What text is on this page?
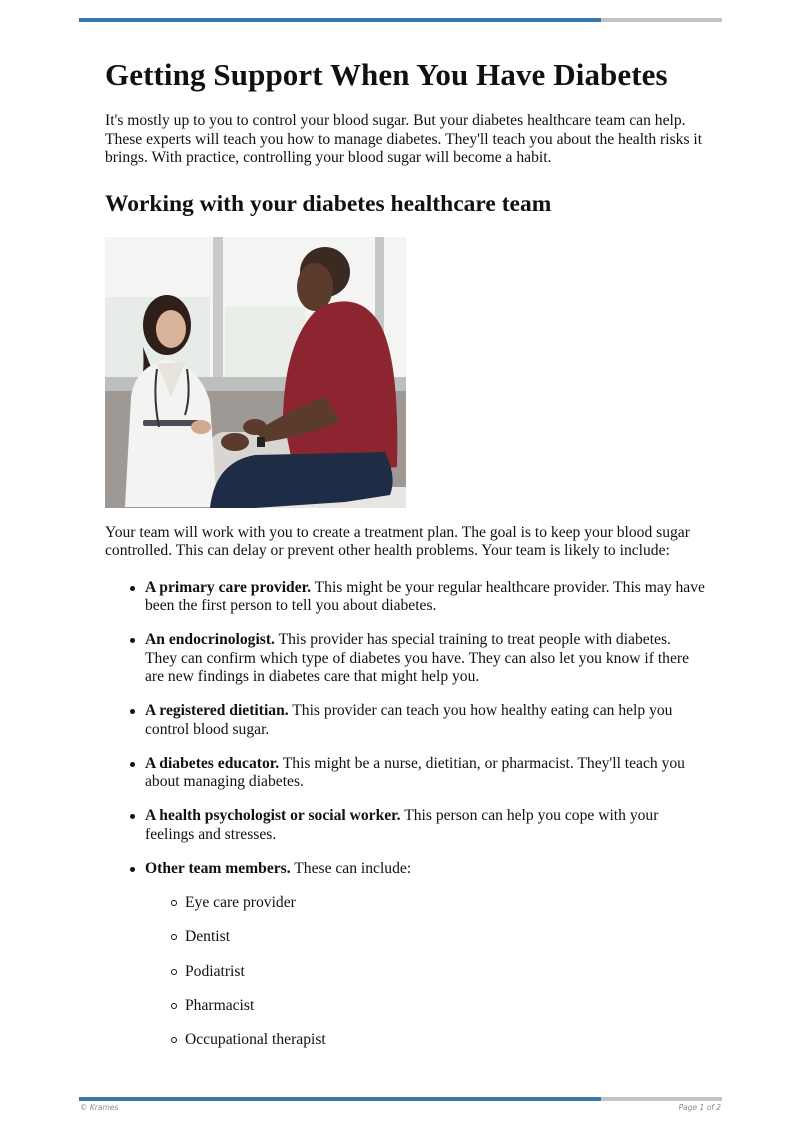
Getting Support When You Have Diabetes

It's mostly up to you to control your blood sugar. But your diabetes healthcare team can help. These experts will teach you how to manage diabetes. They'll teach you about the health risks it brings. With practice, controlling your blood sugar will become a habit.

Working with your diabetes healthcare team

Your team will work with you to create a treatment plan. The goal is to keep your blood sugar controlled. This can delay or prevent other health problems. Your team is likely to include:

A primary care provider. This might be your regular healthcare provider. This may have been the first person to tell you about diabetes.
An endocrinologist. This provider has special training to treat people with diabetes. They can confirm which type of diabetes you have. They can also let you know if there are new findings in diabetes care that might help you.
A registered dietitian. This provider can teach you how healthy eating can help you control blood sugar.
A diabetes educator. This might be a nurse, dietitian, or pharmacist. They'll teach you about managing diabetes.
A health psychologist or social worker. This person can help you cope with your feelings and stresses.
Other team members. These can include:
Eye care provider
Dentist
Podiatrist
Pharmacist
Occupational therapist
© Krames	Page 1 of 2
